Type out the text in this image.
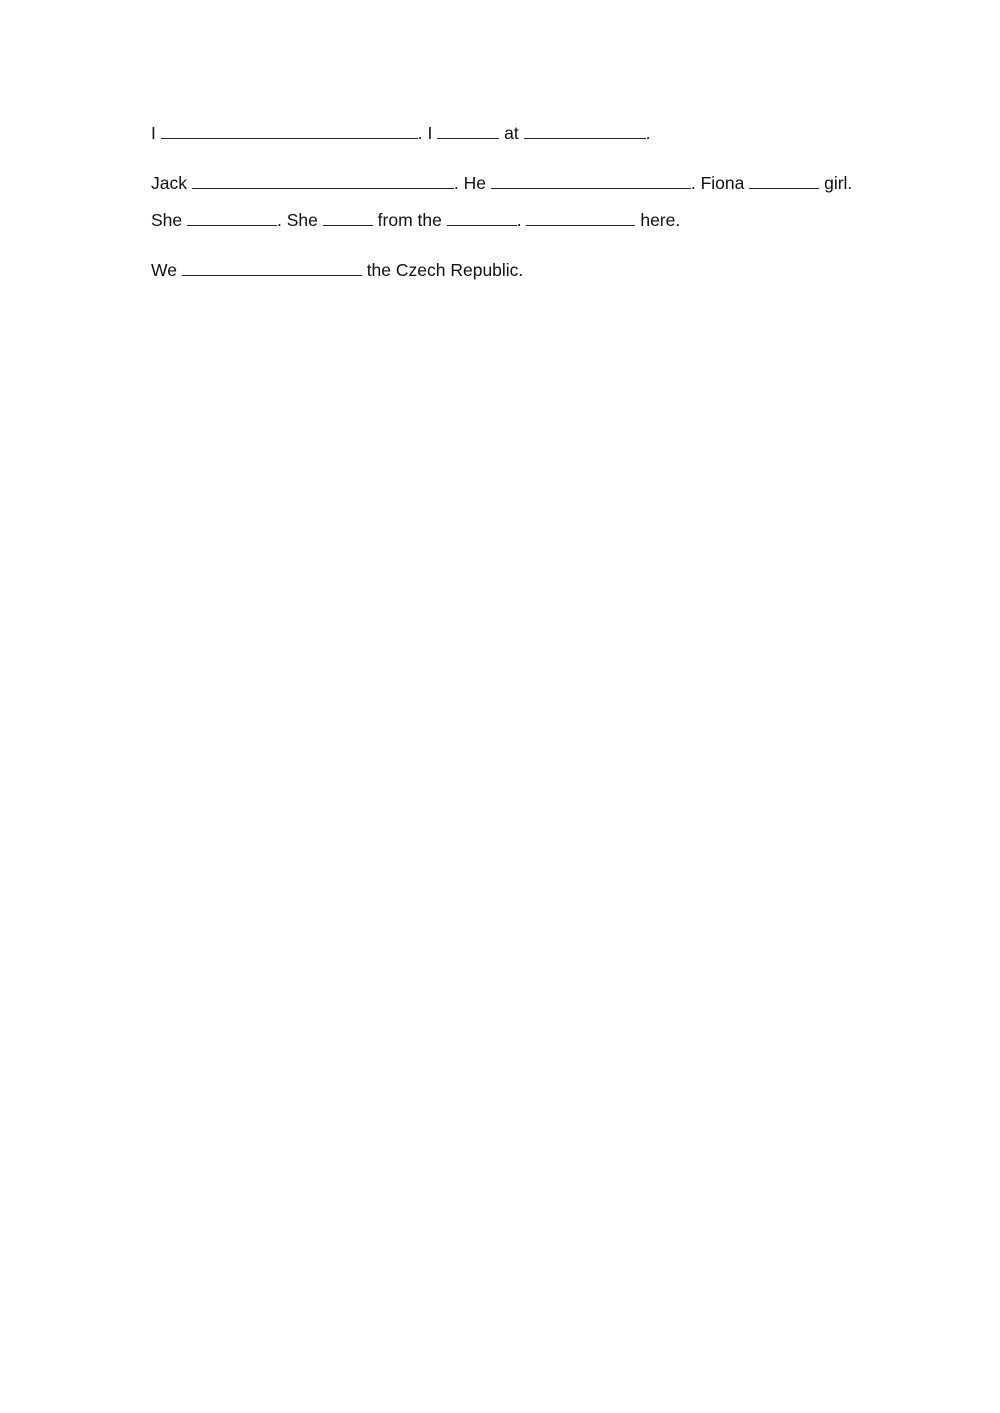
I	. I	at	.
Jack	. He	. Fiona	girl.
She	. She	from the	.	here.
We	the Czech Republic.
